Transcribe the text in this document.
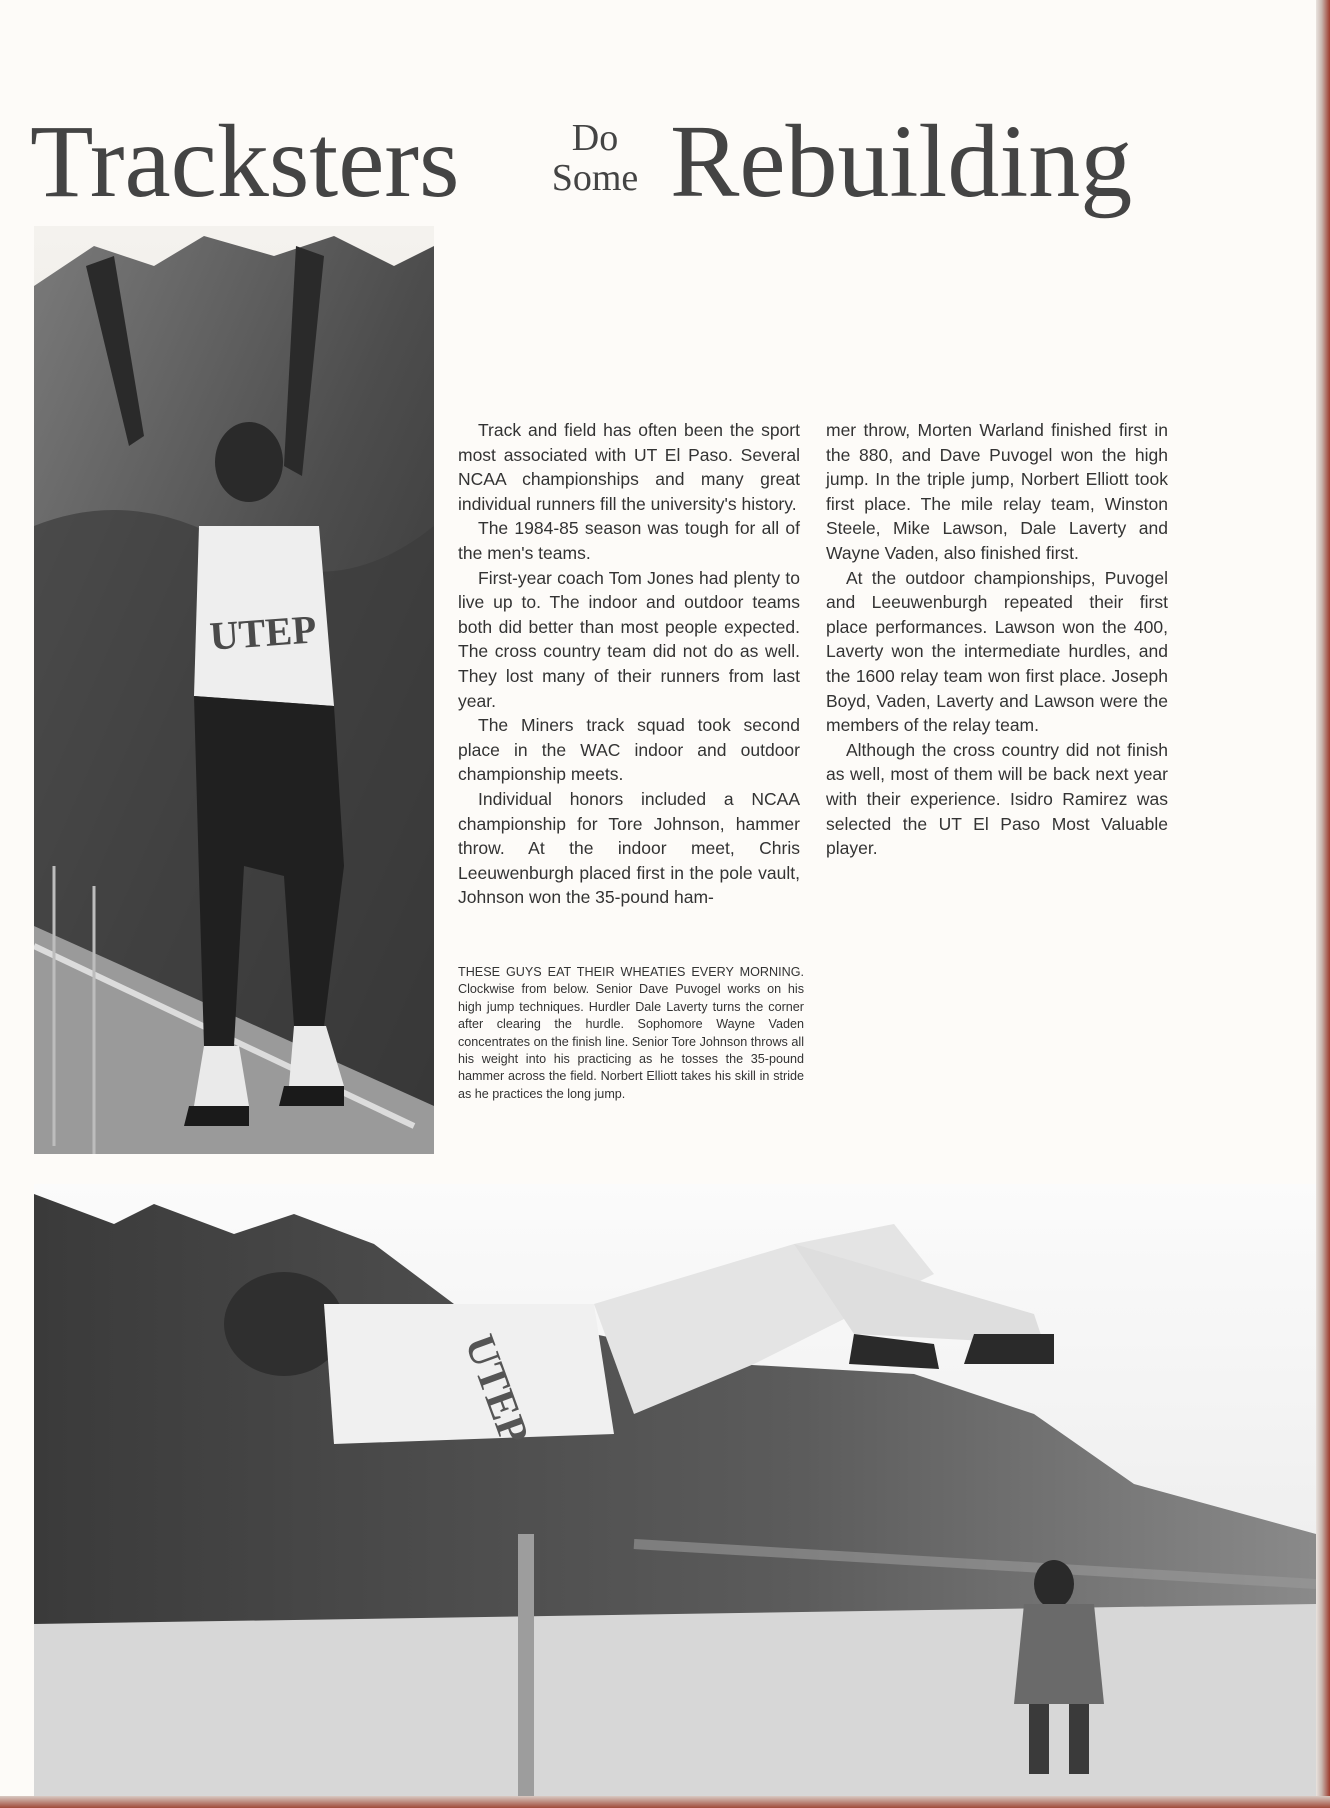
Tracksters	Do
Some Rebuilding
UTEP

Track and field has often been the sport most associated with UT El Paso. Several NCAA championships and many great individual runners fill the university's history.

The 1984-85 season was tough for all of the men's teams.

First-year coach Tom Jones had plenty to live up to. The indoor and outdoor teams both did better than most people expected. The cross country team did not do as well. They lost many of their runners from last year.

The Miners track squad took second place in the WAC indoor and outdoor championship meets.

Individual honors included a NCAA championship for Tore Johnson, hammer throw. At the indoor meet, Chris Leeuwenburgh placed first in the pole vault, Johnson won the 35-pound ham-

mer throw, Morten Warland finished first in the 880, and Dave Puvogel won the high jump. In the triple jump, Norbert Elliott took first place. The mile relay team, Winston Steele, Mike Lawson, Dale Laverty and Wayne Vaden, also finished first.

At the outdoor championships, Puvogel and Leeuwenburgh repeated their first place performances. Lawson won the 400, Laverty won the intermediate hurdles, and the 1600 relay team won first place. Joseph Boyd, Vaden, Laverty and Lawson were the members of the relay team.

Although the cross country did not finish as well, most of them will be back next year with their experience. Isidro Ramirez was selected the UT El Paso Most Valuable player.

THESE GUYS EAT THEIR WHEATIES EVERY MORNING. Clockwise from below. Senior Dave Puvogel works on his high jump techniques. Hurdler Dale Laverty turns the corner after clearing the hurdle. Sophomore Wayne Vaden concentrates on the finish line. Senior Tore Johnson throws all his weight into his practicing as he tosses the 35-pound hammer across the field. Norbert Elliott takes his skill in stride as he practices the long jump.
UTEP
